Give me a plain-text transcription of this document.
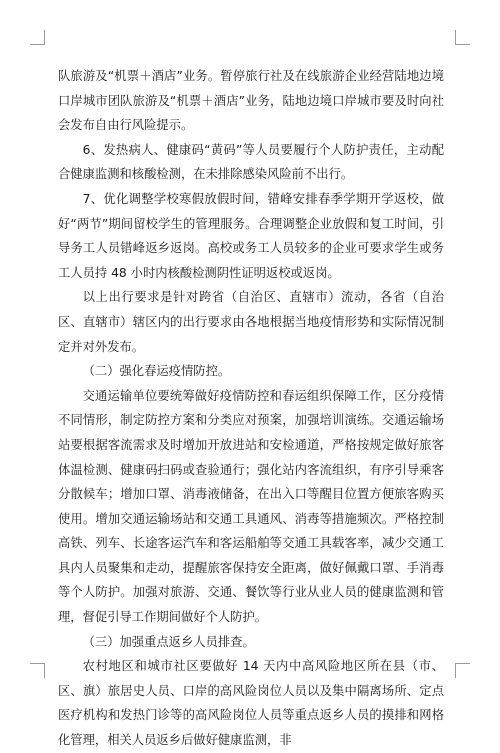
队旅游及“机票＋酒店”业务。暂停旅行社及在线旅游企业经营陆地边境口岸城市团队旅游及“机票＋酒店”业务，陆地边境口岸城市要及时向社会发布自由行风险提示。

6、发热病人、健康码“黄码”等人员要履行个人防护责任，主动配合健康监测和核酸检测，在未排除感染风险前不出行。

7、优化调整学校寒假放假时间，错峰安排春季学期开学返校，做好“两节”期间留校学生的管理服务。合理调整企业放假和复工时间，引导务工人员错峰返乡返岗。高校或务工人员较多的企业可要求学生或务工人员持 48 小时内核酸检测阴性证明返校或返岗。

以上出行要求是针对跨省（自治区、直辖市）流动，各省（自治区、直辖市）辖区内的出行要求由各地根据当地疫情形势和实际情况制定并对外发布。

（二）强化春运疫情防控。

交通运输单位要统筹做好疫情防控和春运组织保障工作，区分疫情不同情形，制定防控方案和分类应对预案，加强培训演练。交通运输场站要根据客流需求及时增加开放进站和安检通道，严格按规定做好旅客体温检测、健康码扫码或查验通行；强化站内客流组织，有序引导乘客分散候车；增加口罩、消毒液储备，在出入口等醒目位置方便旅客购买使用。增加交通运输场站和交通工具通风、消毒等措施频次。严格控制高铁、列车、长途客运汽车和客运船舶等交通工具载客率，减少交通工具内人员聚集和走动，提醒旅客保持安全距离，做好佩戴口罩、手消毒等个人防护。加强对旅游、交通、餐饮等行业从业人员的健康监测和管理，督促引导工作期间做好个人防护。

（三）加强重点返乡人员排查。

农村地区和城市社区要做好 14 天内中高风险地区所在县（市、区、旗）旅居史人员、口岸的高风险岗位人员以及集中隔离场所、定点医疗机构和发热门诊等的高风险岗位人员等重点返乡人员的摸排和网格化管理，相关人员返乡后做好健康监测，非
